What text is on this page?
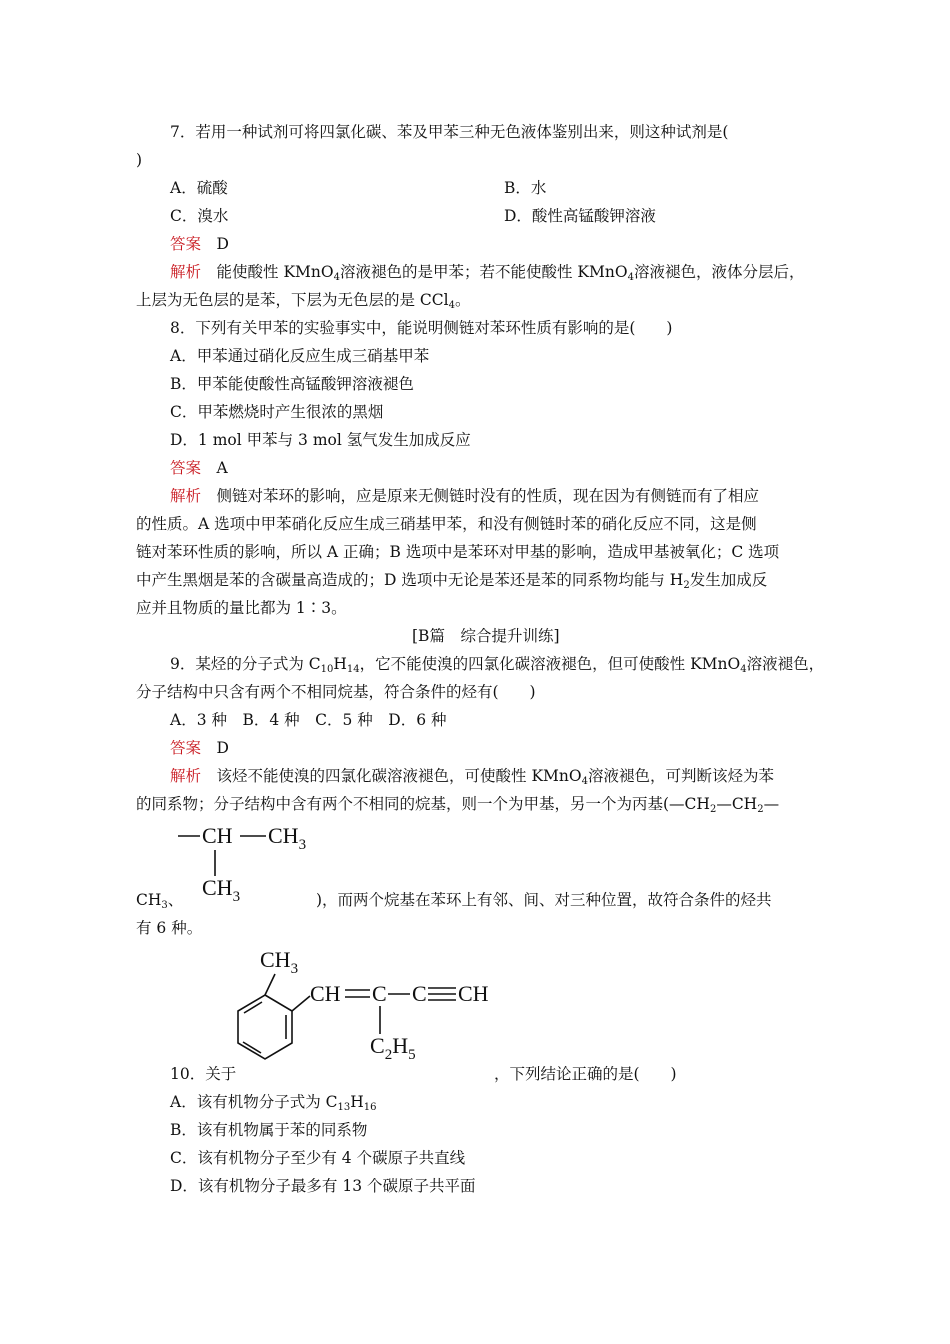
7．若用一种试剂可将四氯化碳、苯及甲苯三种无色液体鉴别出来，则这种试剂是(
)
A．硫酸	B．水
C．溴水	D．酸性高锰酸钾溶液
答案　 D
解析　 能使酸性 KMnO$_4$溶液褪色的是甲苯；若不能使酸性 KMnO$_4$溶液褪色，液体分层后，
上层为无色层的是苯，下层为无色层的是 CCl$_4$。
8．下列有关甲苯的实验事实中，能说明侧链对苯环性质有影响的是(　　)
A．甲苯通过硝化反应生成三硝基甲苯
B．甲苯能使酸性高锰酸钾溶液褪色
C．甲苯燃烧时产生很浓的黑烟
D．1 mol 甲苯与 3 mol 氢气发生加成反应
答案　 A
解析　 侧链对苯环的影响，应是原来无侧链时没有的性质，现在因为有侧链而有了相应
的性质。A 选项中甲苯硝化反应生成三硝基甲苯，和没有侧链时苯的硝化反应不同，这是侧
链对苯环性质的影响，所以 A 正确；B 选项中是苯环对甲基的影响，造成甲基被氧化；C 选项
中产生黑烟是苯的含碳量高造成的；D 选项中无论是苯还是苯的同系物均能与 $H_2$发生加成反
应并且物质的量比都为 1∶3。
[B篇　综合提升训练]
9．某烃的分子式为 $C_{10}H_{14}$，它不能使溴的四氯化碳溶液褪色，但可使酸性 KMnO$_4$溶液褪色，
分子结构中只含有两个不相同烷基，符合条件的烃有(　　)
A．3 种　B．4 种　C．5 种　D．6 种
答案　 D
解析　 该烃不能使溴的四氯化碳溶液褪色，可使酸性 KMnO$_4$溶液褪色，可判断该烃为苯
的同系物；分子结构中含有两个不相同的烷基，则一个为甲基，另一个为丙基($—CH_2—CH_2—$
CH $CH_3$
$CH_3$
$CH_3$、	)，而两个烷基在苯环上有邻、间、对三种位置，故符合条件的烃共
有 6 种。
$CH_3$
CH C C CH
$C_2H_5$
10．关于	，下列结论正确的是(　　)
A．该有机物分子式为 $C_{13}H_{16}$
B．该有机物属于苯的同系物
C．该有机物分子至少有 4 个碳原子共直线
D．该有机物分子最多有 13 个碳原子共平面
